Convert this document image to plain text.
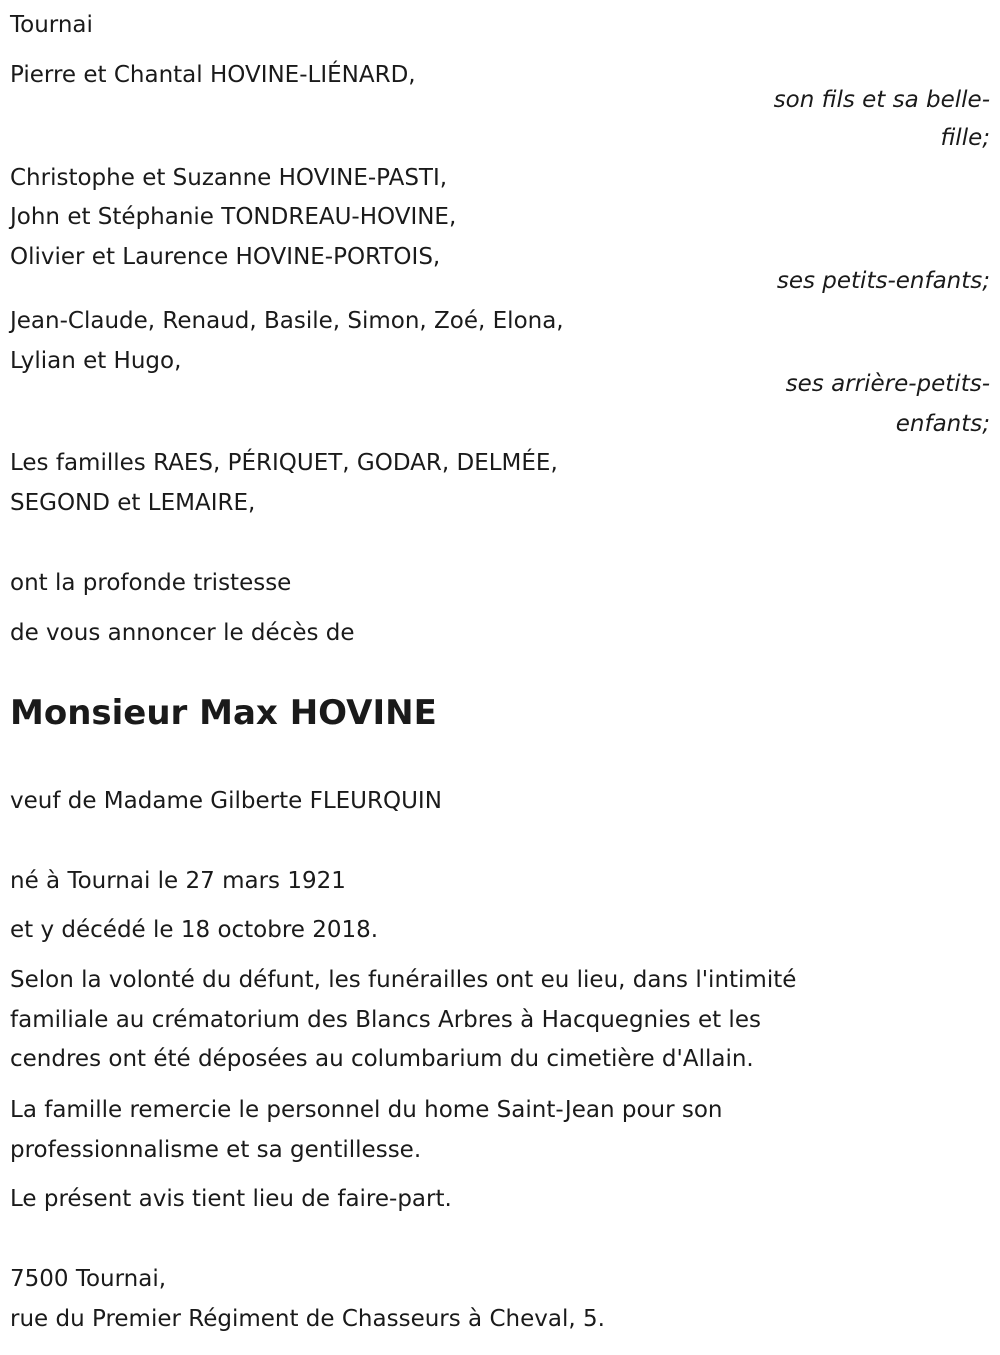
Tournai
Pierre et Chantal HOVINE-LIÉNARD,
son fils et sa belle-
fille;
Christophe et Suzanne HOVINE-PASTI,
John et Stéphanie TONDREAU-HOVINE,
Olivier et Laurence HOVINE-PORTOIS,
ses petits-enfants;
Jean-Claude, Renaud, Basile, Simon, Zoé, Elona,
Lylian et Hugo,
ses arrière-petits-
enfants;
Les familles RAES, PÉRIQUET, GODAR, DELMÉE,
SEGOND et LEMAIRE,
ont la profonde tristesse
de vous annoncer le décès de
Monsieur Max HOVINE
veuf de Madame Gilberte FLEURQUIN
né à Tournai le 27 mars 1921
et y décédé le 18 octobre 2018.
Selon la volonté du défunt, les funérailles ont eu lieu, dans l'intimité
familiale au crématorium des Blancs Arbres à Hacquegnies et les
cendres ont été déposées au columbarium du cimetière d'Allain.
La famille remercie le personnel du home Saint-Jean pour son
professionnalisme et sa gentillesse.
Le présent avis tient lieu de faire-part.
7500 Tournai,
rue du Premier Régiment de Chasseurs à Cheval, 5.
